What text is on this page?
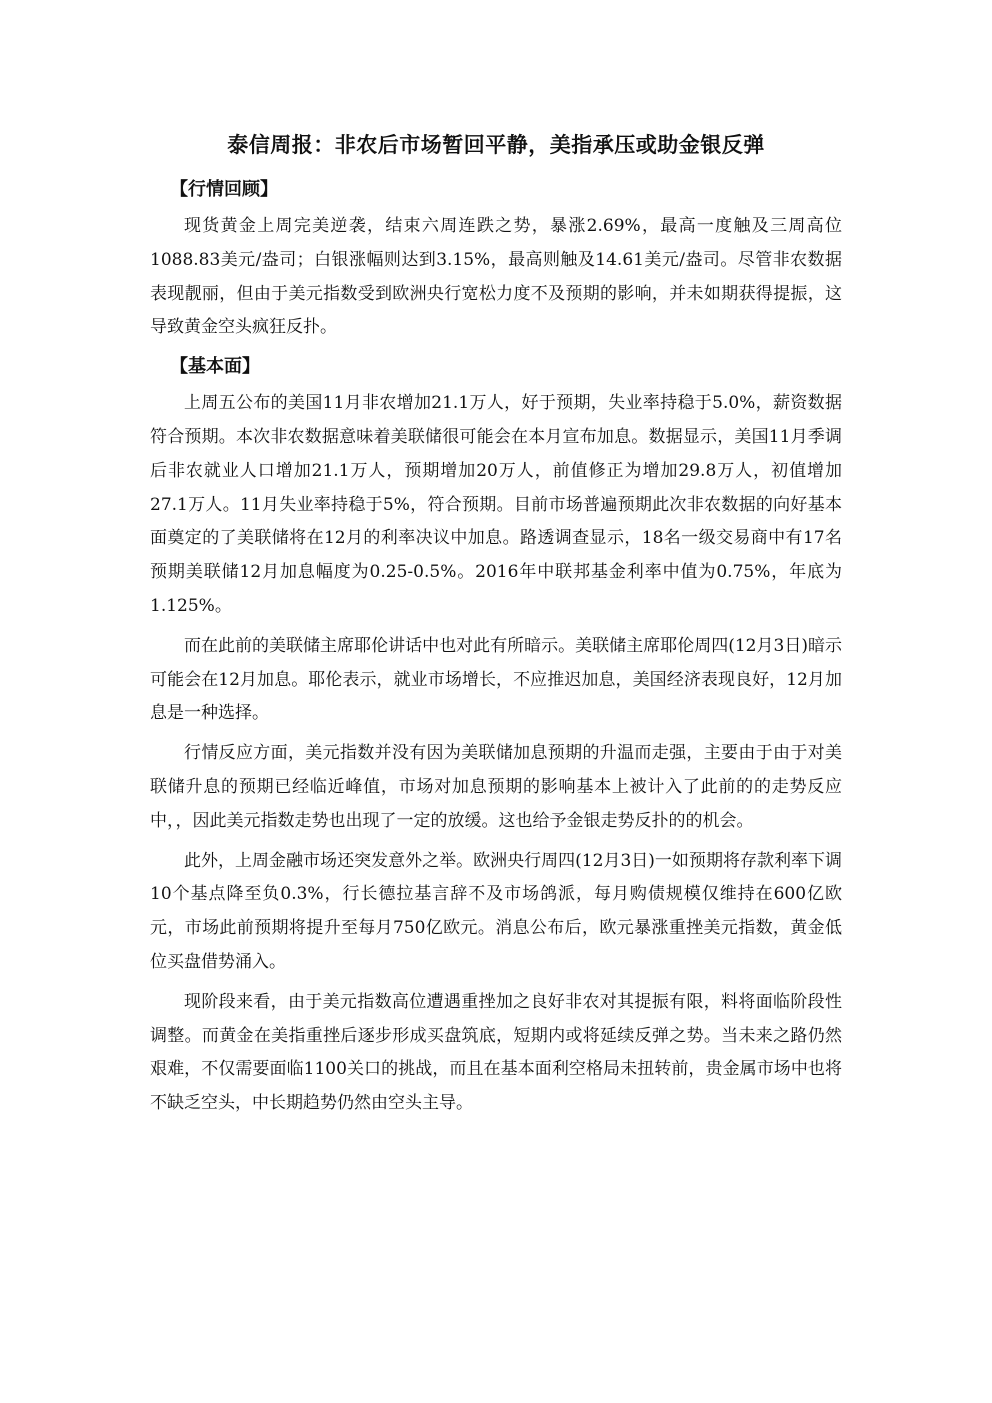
泰信周报：非农后市场暂回平静，美指承压或助金银反弹
【行情回顾】

现货黄金上周完美逆袭，结束六周连跌之势，暴涨2.69%，最高一度触及三周高位1088.83美元/盎司；白银涨幅则达到3.15%，最高则触及14.61美元/盎司。尽管非农数据表现靓丽，但由于美元指数受到欧洲央行宽松力度不及预期的影响，并未如期获得提振，这导致黄金空头疯狂反扑。

【基本面】

上周五公布的美国11月非农增加21.1万人，好于预期，失业率持稳于5.0%，薪资数据符合预期。本次非农数据意味着美联储很可能会在本月宣布加息。数据显示，美国11月季调后非农就业人口增加21.1万人，预期增加20万人，前值修正为增加29.8万人，初值增加27.1万人。11月失业率持稳于5%，符合预期。目前市场普遍预期此次非农数据的向好基本面奠定的了美联储将在12月的利率决议中加息。路透调查显示，18名一级交易商中有17名预期美联储12月加息幅度为0.25-0.5%。2016年中联邦基金利率中值为0.75%，年底为1.125%。

而在此前的美联储主席耶伦讲话中也对此有所暗示。美联储主席耶伦周四(12月3日)暗示可能会在12月加息。耶伦表示，就业市场增长，不应推迟加息，美国经济表现良好，12月加息是一种选择。

行情反应方面，美元指数并没有因为美联储加息预期的升温而走强，主要由于由于对美联储升息的预期已经临近峰值，市场对加息预期的影响基本上被计入了此前的的走势反应中，，因此美元指数走势也出现了一定的放缓。这也给予金银走势反扑的的机会。

此外，上周金融市场还突发意外之举。欧洲央行周四(12月3日)一如预期将存款利率下调10个基点降至负0.3%，行长德拉基言辞不及市场鸽派，每月购债规模仅维持在600亿欧元，市场此前预期将提升至每月750亿欧元。消息公布后，欧元暴涨重挫美元指数，黄金低位买盘借势涌入。

现阶段来看，由于美元指数高位遭遇重挫加之良好非农对其提振有限，料将面临阶段性调整。而黄金在美指重挫后逐步形成买盘筑底，短期内或将延续反弹之势。当未来之路仍然艰难，不仅需要面临1100关口的挑战，而且在基本面利空格局未扭转前，贵金属市场中也将不缺乏空头，中长期趋势仍然由空头主导。
